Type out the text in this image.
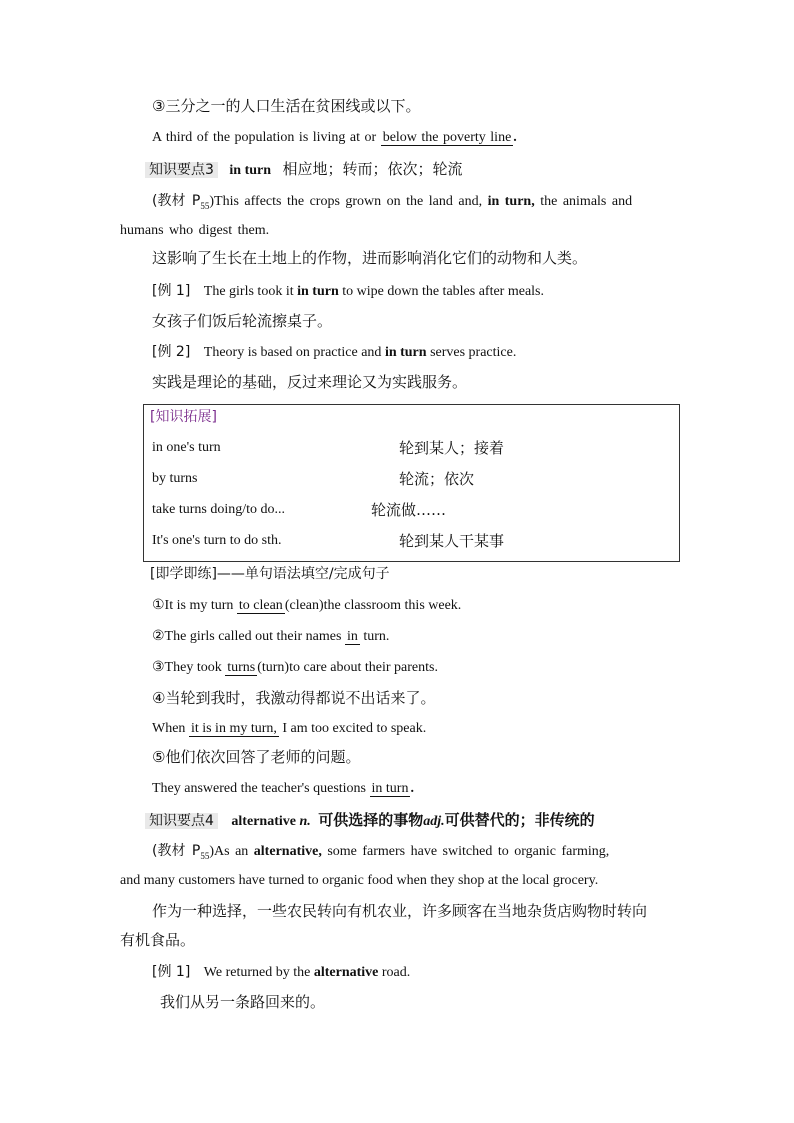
③三分之一的人口生活在贫困线或以下。
A third of the population is living at or below the poverty line .
知识要点3 in turn 相应地；转而；依次；轮流
(教材 $P_{55})This$ affects the crops grown on the land and, in turn, the animals and
humans who digest them.
这影响了生长在土地上的作物，进而影响消化它们的动物和人类。
[例 1] The girls took it in turn to wipe down the tables after meals.
女孩子们饭后轮流擦桌子。
[例 2] Theory is based on practice and in turn serves practice.
实践是理论的基础，反过来理论又为实践服务。
[知识拓展]
in one's turn	轮到某人；接着
by turns	轮流；依次
take turns doing/to do...	轮流做……
It's one's turn to do sth.	轮到某人干某事
[即学即练]——单句语法填空/完成句子
①It is my turn to clean (clean)the classroom this week.
②The girls called out their names in turn.
③They took turns (turn)to care about their parents.
④当轮到我时，我激动得都说不出话来了。
When it is in my turn, I am too excited to speak.
⑤他们依次回答了老师的问题。
They answered the teacher's questions in turn .
知识要点4 alternative n. 可供选择的事物adj.可供替代的；非传统的
(教材 $P_{55})As$ an alternative, some farmers have switched to organic farming,
and many customers have turned to organic food when they shop at the local grocery.
作为一种选择，一些农民转向有机农业，许多顾客在当地杂货店购物时转向
有机食品。
[例 1] We returned by the alternative road.
我们从另一条路回来的。
